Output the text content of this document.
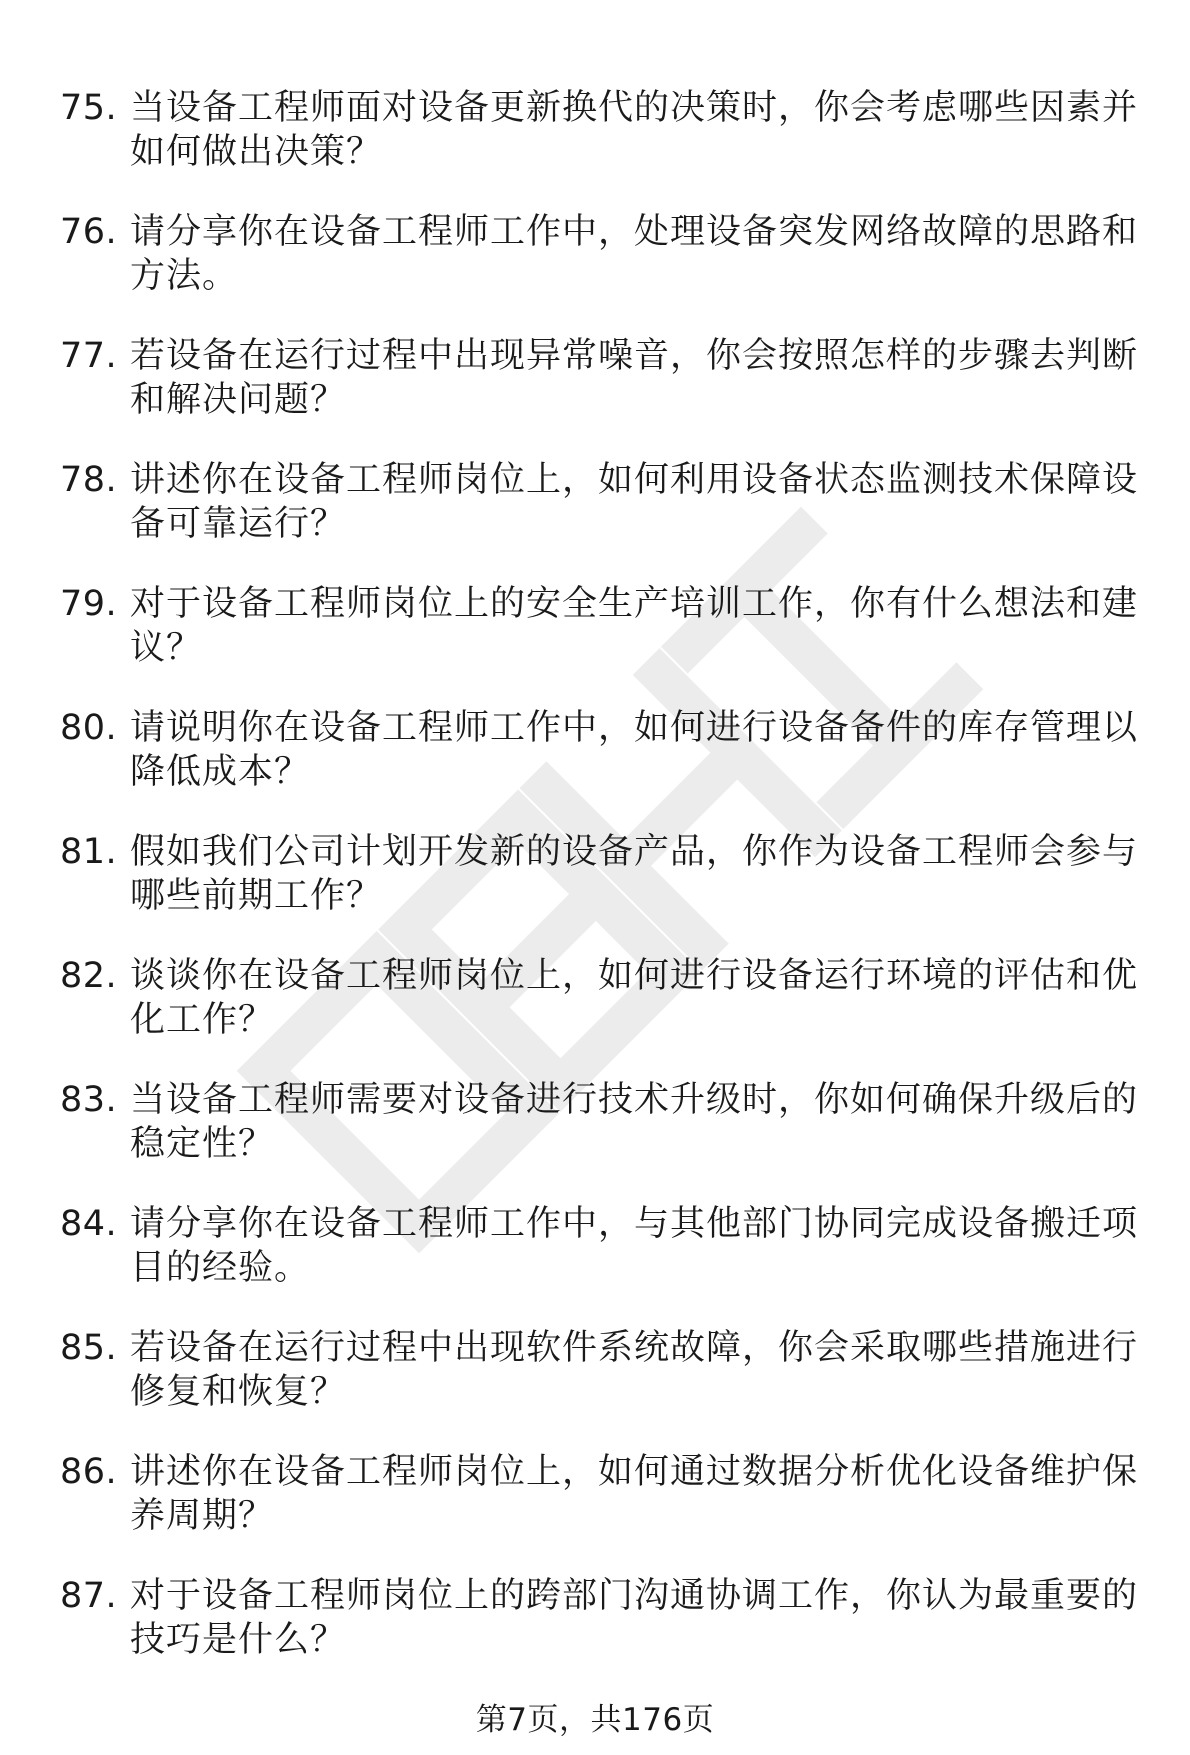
75. 当设备工程师面对设备更新换代的决策时，你会考虑哪些因素并如何做出决策？
76. 请分享你在设备工程师工作中，处理设备突发网络故障的思路和方法。
77. 若设备在运行过程中出现异常噪音，你会按照怎样的步骤去判断和解决问题？
78. 讲述你在设备工程师岗位上，如何利用设备状态监测技术保障设备可靠运行？
79. 对于设备工程师岗位上的安全生产培训工作，你有什么想法和建议？
80. 请说明你在设备工程师工作中，如何进行设备备件的库存管理以降低成本？
81. 假如我们公司计划开发新的设备产品，你作为设备工程师会参与哪些前期工作？
82. 谈谈你在设备工程师岗位上，如何进行设备运行环境的评估和优化工作？
83. 当设备工程师需要对设备进行技术升级时，你如何确保升级后的稳定性？
84. 请分享你在设备工程师工作中，与其他部门协同完成设备搬迁项目的经验。
85. 若设备在运行过程中出现软件系统故障，你会采取哪些措施进行修复和恢复？
86. 讲述你在设备工程师岗位上，如何通过数据分析优化设备维护保养周期？
87. 对于设备工程师岗位上的跨部门沟通协调工作，你认为最重要的技巧是什么？
第7页，共176页
